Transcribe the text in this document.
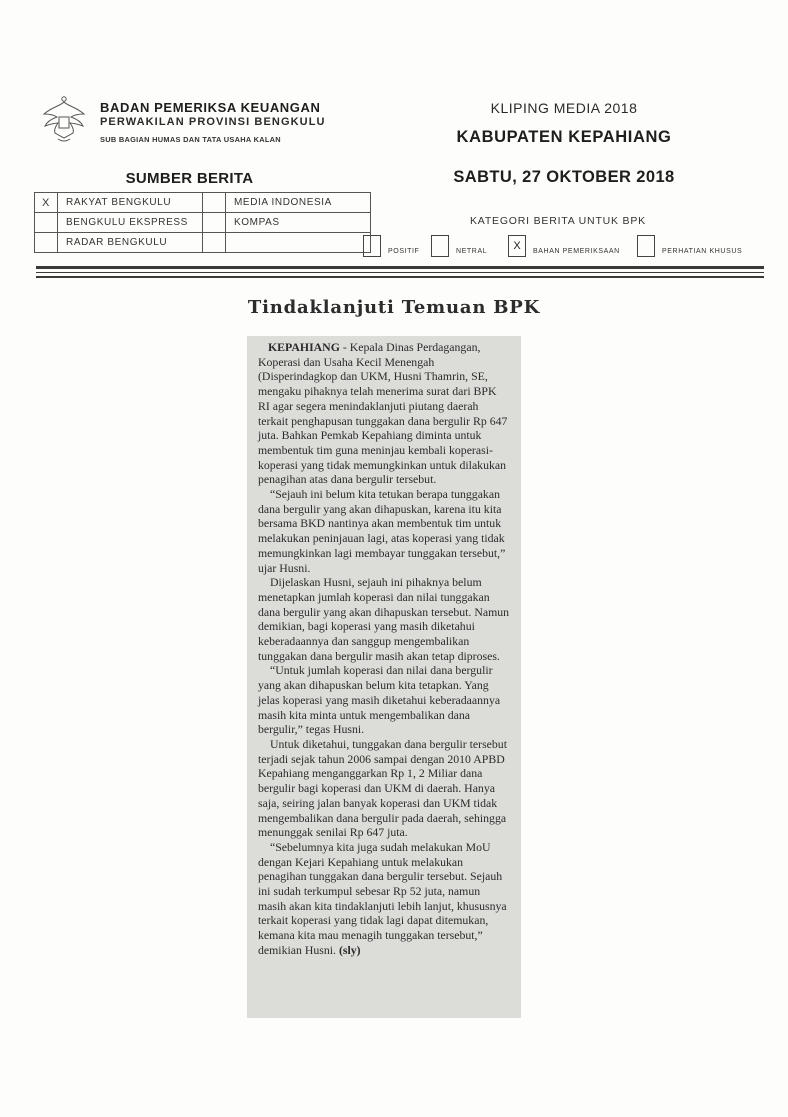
BADAN PEMERIKSA KEUANGAN
PERWAKILAN PROVINSI BENGKULU
SUB BAGIAN HUMAS DAN TATA USAHA KALAN
KLIPING MEDIA 2018
KABUPATEN KEPAHIANG
SABTU, 27 OKTOBER 2018
SUMBER BERITA
X	RAKYAT BENGKULU		MEDIA INDONESIA
	BENGKULU EKSPRESS		KOMPAS
	RADAR BENGKULU		
KATEGORI BERITA UNTUK BPK
POSITIF	NETRAL	X	BAHAN PEMERIKSAAN	PERHATIAN KHUSUS
Tindaklanjuti Temuan BPK

KEPAHIANG - Kepala Dinas Perdagangan, Koperasi dan Usaha Kecil Menengah (Disperindagkop dan UKM, Husni Thamrin, SE, mengaku pihaknya telah menerima surat dari BPK RI agar segera menindaklanjuti piutang daerah terkait penghapusan tunggakan dana bergulir Rp 647 juta. Bahkan Pemkab Kepahiang diminta untuk membentuk tim guna meninjau kembali koperasi-koperasi yang tidak memungkinkan untuk dilakukan penagihan atas dana bergulir tersebut.

“Sejauh ini belum kita tetukan berapa tunggakan dana bergulir yang akan dihapuskan, karena itu kita bersama BKD nantinya akan membentuk tim untuk melakukan peninjauan lagi, atas koperasi yang tidak memungkinkan lagi membayar tunggakan tersebut,” ujar Husni.

Dijelaskan Husni, sejauh ini pihaknya belum menetapkan jumlah koperasi dan nilai tunggakan dana bergulir yang akan dihapuskan tersebut. Namun demikian, bagi koperasi yang masih diketahui keberadaannya dan sanggup mengembalikan tunggakan dana bergulir masih akan tetap diproses.

“Untuk jumlah koperasi dan nilai dana bergulir yang akan dihapuskan belum kita tetapkan. Yang jelas koperasi yang masih diketahui keberadaannya masih kita minta untuk mengembalikan dana bergulir,” tegas Husni.

Untuk diketahui, tunggakan dana bergulir tersebut terjadi sejak tahun 2006 sampai dengan 2010 APBD Kepahiang menganggarkan Rp 1, 2 Miliar dana bergulir bagi koperasi dan UKM di daerah. Hanya saja, seiring jalan banyak koperasi dan UKM tidak mengembalikan dana bergulir pada daerah, sehingga menunggak senilai Rp 647 juta.

“Sebelumnya kita juga sudah melakukan MoU dengan Kejari Kepahiang untuk melakukan penagihan tunggakan dana bergulir tersebut. Sejauh ini sudah terkumpul sebesar Rp 52 juta, namun masih akan kita tindaklanjuti lebih lanjut, khususnya terkait koperasi yang tidak lagi dapat ditemukan, kemana kita mau menagih tunggakan tersebut,” demikian Husni. (sly)
